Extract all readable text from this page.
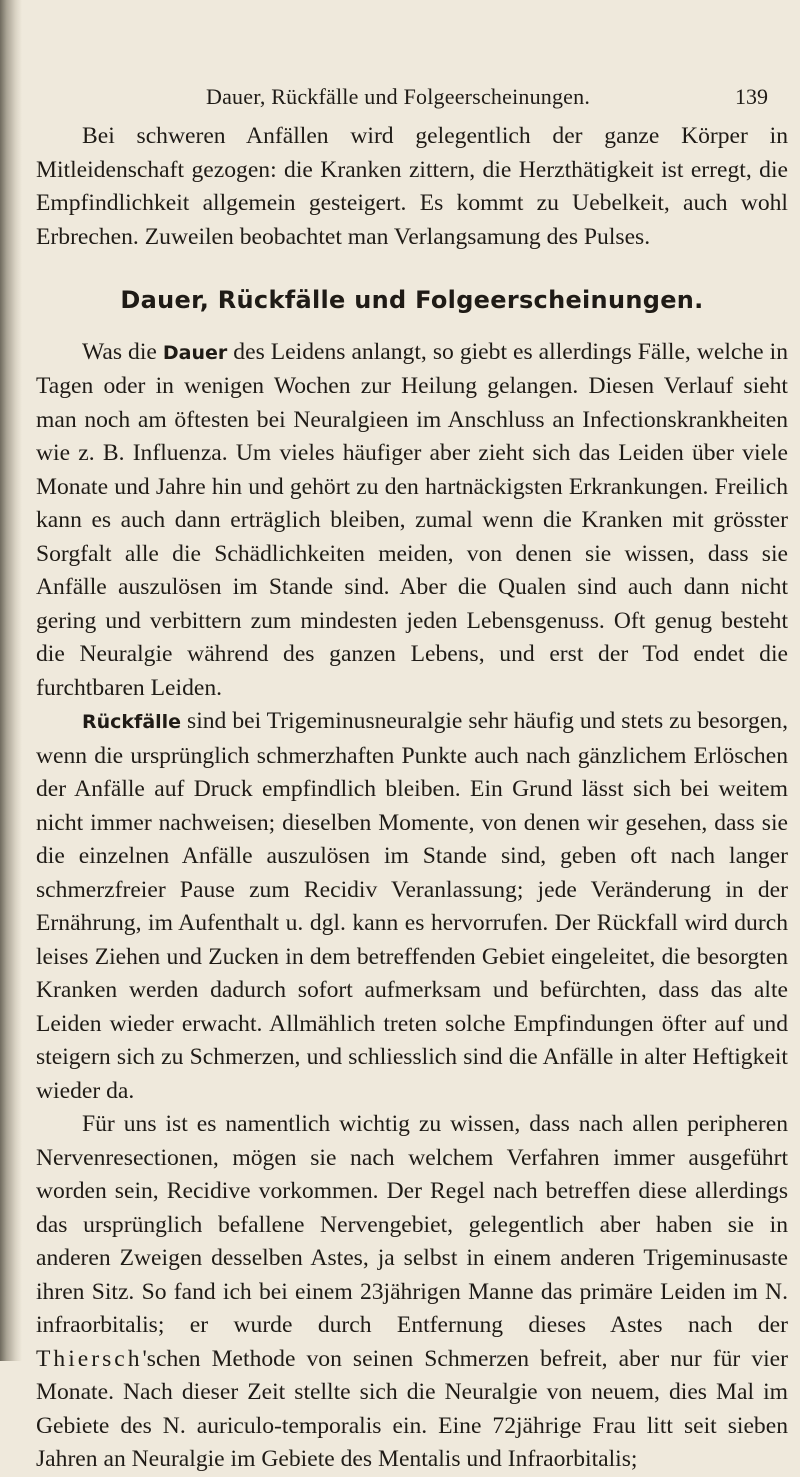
Dauer, Rückfälle und Folgeerscheinungen.	139

Bei schweren Anfällen wird gelegentlich der ganze Körper in Mitleidenschaft gezogen: die Kranken zittern, die Herzthätigkeit ist erregt, die Empfindlichkeit allgemein gesteigert. Es kommt zu Uebelkeit, auch wohl Erbrechen. Zuweilen beobachtet man Verlangsamung des Pulses.

Dauer, Rückfälle und Folgeerscheinungen.

Was die Dauer des Leidens anlangt, so giebt es allerdings Fälle, welche in Tagen oder in wenigen Wochen zur Heilung gelangen. Diesen Verlauf sieht man noch am öftesten bei Neuralgieen im Anschluss an Infectionskrankheiten wie z. B. Influenza. Um vieles häufiger aber zieht sich das Leiden über viele Monate und Jahre hin und gehört zu den hartnäckigsten Erkrankungen. Freilich kann es auch dann erträglich bleiben, zumal wenn die Kranken mit grösster Sorgfalt alle die Schädlichkeiten meiden, von denen sie wissen, dass sie Anfälle auszulösen im Stande sind. Aber die Qualen sind auch dann nicht gering und verbittern zum mindesten jeden Lebensgenuss. Oft genug besteht die Neuralgie während des ganzen Lebens, und erst der Tod endet die furchtbaren Leiden.

Rückfälle sind bei Trigeminusneuralgie sehr häufig und stets zu besorgen, wenn die ursprünglich schmerzhaften Punkte auch nach gänzlichem Erlöschen der Anfälle auf Druck empfindlich bleiben. Ein Grund lässt sich bei weitem nicht immer nachweisen; dieselben Momente, von denen wir gesehen, dass sie die einzelnen Anfälle auszulösen im Stande sind, geben oft nach langer schmerzfreier Pause zum Recidiv Veranlassung; jede Veränderung in der Ernährung, im Aufenthalt u. dgl. kann es hervorrufen. Der Rückfall wird durch leises Ziehen und Zucken in dem betreffenden Gebiet eingeleitet, die besorgten Kranken werden dadurch sofort aufmerksam und befürchten, dass das alte Leiden wieder erwacht. Allmählich treten solche Empfindungen öfter auf und steigern sich zu Schmerzen, und schliesslich sind die Anfälle in alter Heftigkeit wieder da.

Für uns ist es namentlich wichtig zu wissen, dass nach allen peripheren Nervenresectionen, mögen sie nach welchem Verfahren immer ausgeführt worden sein, Recidive vorkommen. Der Regel nach betreffen diese allerdings das ursprünglich befallene Nervengebiet, gelegentlich aber haben sie in anderen Zweigen desselben Astes, ja selbst in einem anderen Trigeminusaste ihren Sitz. So fand ich bei einem 23jährigen Manne das primäre Leiden im N. infraorbitalis; er wurde durch Entfernung dieses Astes nach der Thiersch'schen Methode von seinen Schmerzen befreit, aber nur für vier Monate. Nach dieser Zeit stellte sich die Neuralgie von neuem, dies Mal im Gebiete des N. auriculo-temporalis ein. Eine 72jährige Frau litt seit sieben Jahren an Neuralgie im Gebiete des Mentalis und Infraorbitalis;
